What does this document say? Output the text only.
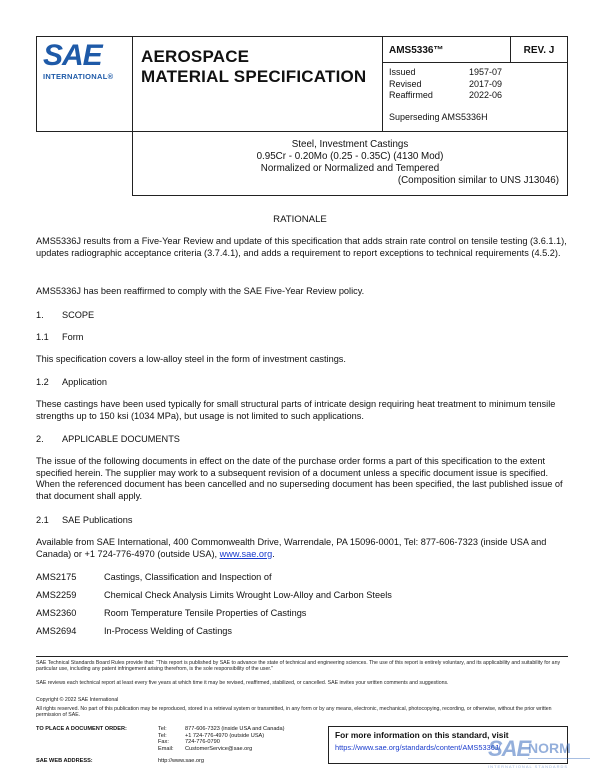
SAE
INTERNATIONAL®
AEROSPACE
MATERIAL SPECIFICATION
AMS5336™	REV. J
Issued	1957-07
Revised	2017-09
Reaffirmed	2022-06
Superseding AMS5336H
Steel, Investment Castings
0.95Cr - 0.20Mo (0.25 - 0.35C) (4130 Mod)
Normalized or Normalized and Tempered
(Composition similar to UNS J13046)
RATIONALE
AMS5336J results from a Five-Year Review and update of this specification that adds strain rate control on tensile testing (3.6.1.1), updates radiographic acceptance criteria (3.7.4.1), and adds a requirement to report exceptions to technical requirements (4.5.2).
AMS5336J has been reaffirmed to comply with the SAE Five-Year Review policy.
1. SCOPE
1.1 Form
This specification covers a low-alloy steel in the form of investment castings.
1.2 Application
These castings have been used typically for small structural parts of intricate design requiring heat treatment to minimum tensile strengths up to 150 ksi (1034 MPa), but usage is not limited to such applications.
2. APPLICABLE DOCUMENTS
The issue of the following documents in effect on the date of the purchase order forms a part of this specification to the extent specified herein. The supplier may work to a subsequent revision of a document unless a specific document issue is specified. When the referenced document has been cancelled and no superseding document has been specified, the last published issue of that document shall apply.
2.1 SAE Publications
Available from SAE International, 400 Commonwealth Drive, Warrendale, PA 15096-0001, Tel: 877-606-7323 (inside USA and Canada) or +1 724-776-4970 (outside USA), www.sae.org.
AMS2175	Castings, Classification and Inspection of
AMS2259	Chemical Check Analysis Limits Wrought Low-Alloy and Carbon Steels
AMS2360	Room Temperature Tensile Properties of Castings
AMS2694	In-Process Welding of Castings
SAE Technical Standards Board Rules provide that: "This report is published by SAE to advance the state of technical and engineering sciences. The use of this report is entirely voluntary, and its applicability and suitability for any particular use, including any patent infringement arising therefrom, is the sole responsibility of the user."
SAE reviews each technical report at least every five years at which time it may be revised, reaffirmed, stabilized, or cancelled. SAE invites your written comments and suggestions.
Copyright © 2022 SAE International
All rights reserved. No part of this publication may be reproduced, stored in a retrieval system or transmitted, in any form or by any means, electronic, mechanical, photocopying, recording, or otherwise, without the prior written permission of SAE.
TO PLACE A DOCUMENT ORDER:	Tel:	877-606-7323 (inside USA and Canada)
Tel:	+1 724-776-4970 (outside USA)
Fax:	724-776-0790
Email:	CustomerService@sae.org
SAE WEB ADDRESS:	http://www.sae.org
For more information on this standard, visit
https://www.sae.org/standards/content/AMS5336J/
SAE
NORM
INTERNATIONAL STANDARDS
